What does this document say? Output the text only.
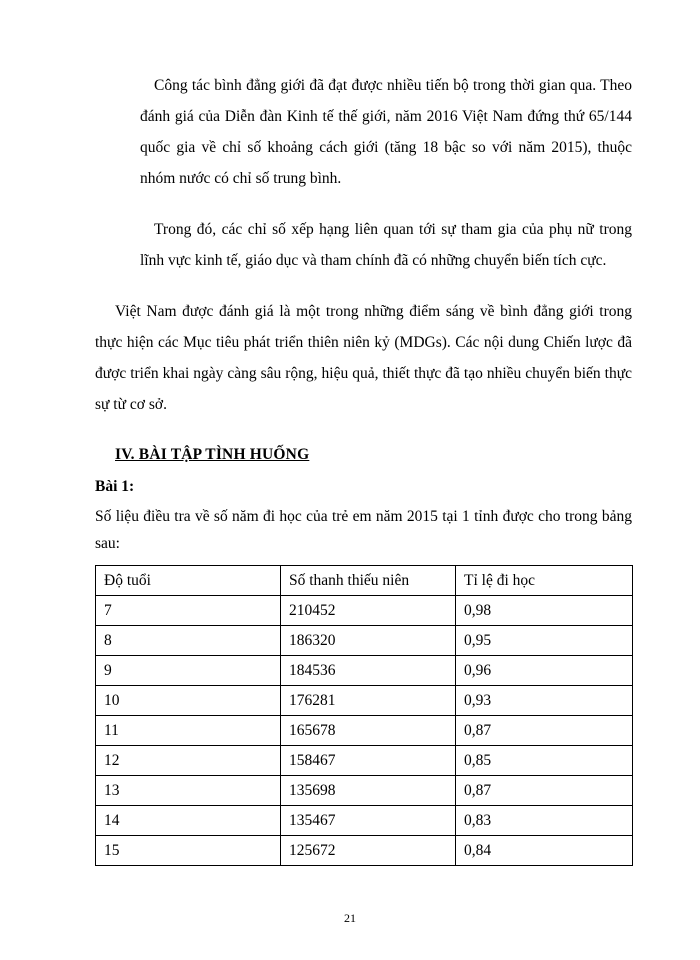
Công tác bình đẳng giới đã đạt được nhiều tiến bộ trong thời gian qua. Theo đánh giá của Diễn đàn Kinh tế thế giới, năm 2016 Việt Nam đứng thứ 65/144 quốc gia về chỉ số khoảng cách giới (tăng 18 bậc so với năm 2015), thuộc nhóm nước có chỉ số trung bình.

Trong đó, các chỉ số xếp hạng liên quan tới sự tham gia của phụ nữ trong lĩnh vực kinh tế, giáo dục và tham chính đã có những chuyển biến tích cực.

Việt Nam được đánh giá là một trong những điểm sáng về bình đẳng giới trong thực hiện các Mục tiêu phát triển thiên niên kỷ (MDGs). Các nội dung Chiến lược đã được triển khai ngày càng sâu rộng, hiệu quả, thiết thực đã tạo nhiều chuyển biến thực sự từ cơ sở.

IV. BÀI TẬP TÌNH HUỐNG

Bài 1:

Số liệu điều tra về số năm đi học của trẻ em năm 2015 tại 1 tỉnh được cho trong bảng sau:

Độ tuổi	Số thanh thiếu niên	Tỉ lệ đi học
7	210452	0,98
8	186320	0,95
9	184536	0,96
10	176281	0,93
11	165678	0,87
12	158467	0,85
13	135698	0,87
14	135467	0,83
15	125672	0,84
21
